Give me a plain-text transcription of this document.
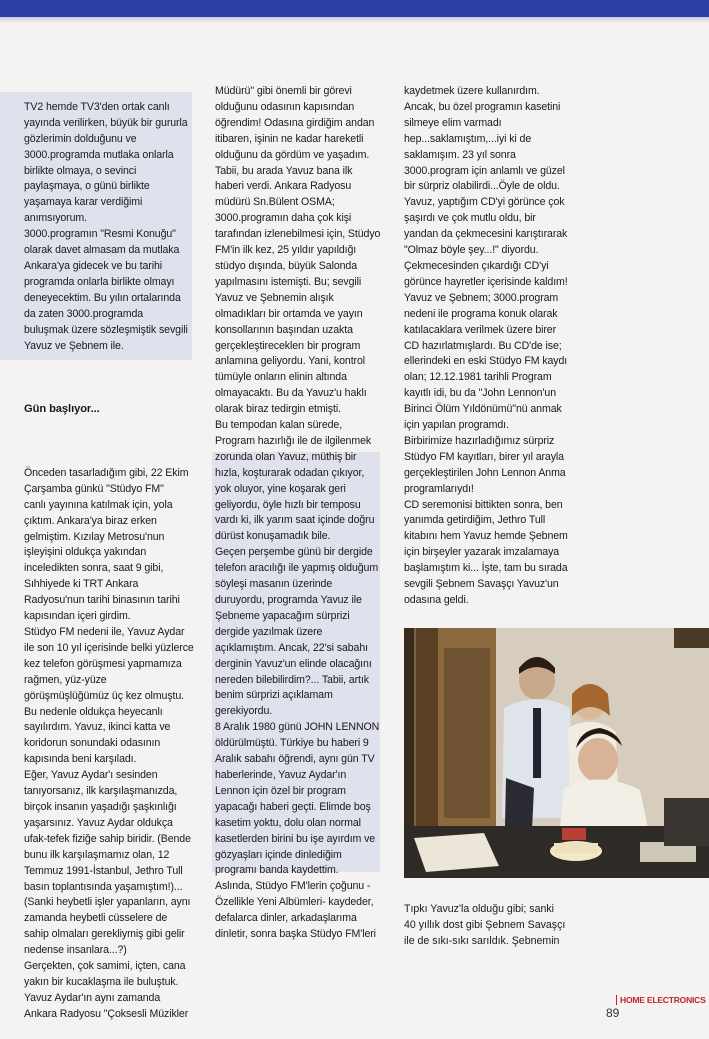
TV2 hemde TV3'den ortak canlı
yayında verilirken, büyük bir gururla
gözlerimin dolduğunu ve
3000.programda mutlaka onlarla
birlikte olmaya, o sevinci
paylaşmaya, o günü birlikte
yaşamaya karar verdiğimi
anımsıyorum.
3000.programın "Resmi Konuğu"
olarak davet almasam da mutlaka
Ankara'ya gidecek ve bu tarihi
programda onlarla birlikte olmayı
deneyecektim. Bu yılın ortalarında
da zaten 3000.programda
buluşmak üzere sözleşmiştik sevgili
Yavuz ve Şebnem ile.

Gün başlıyor...

Önceden tasarladığım gibi, 22 Ekim
Çarşamba günkü "Stüdyo FM"
canlı yayınına katılmak için, yola
çıktım. Ankara'ya biraz erken
gelmiştim. Kızılay Metrosu'nun
işleyişini oldukça yakından
inceledikten sonra, saat 9 gibi,
Sıhhiyede ki TRT Ankara
Radyosu'nun tarihi binasının tarihi
kapısından içeri girdim.
Stüdyo FM nedeni ile, Yavuz Aydar
ile son 10 yıl içerisinde belki yüzlerce
kez telefon görüşmesi yapmamıza
rağmen, yüz-yüze
görüşmüşlüğümüz üç kez olmuştu.
Bu nedenle oldukça heyecanlı
sayılırdım. Yavuz, ikinci katta ve
koridorun sonundaki odasının
kapısında beni karşıladı.
Eğer, Yavuz Aydar'ı sesinden
tanıyorsanız, ilk karşılaşmanızda,
birçok insanın yaşadığı şaşkınlığı
yaşarsınız. Yavuz Aydar oldukça
ufak-tefek fiziğe sahip biridir. (Bende
bunu ilk karşılaşmamız olan, 12
Temmuz 1991-İstanbul, Jethro Tull
basın toplantısında yaşamıştım!)...
(Sanki heybetli işler yapanların, aynı
zamanda heybetli cüsselere de
sahip olmaları gerekliymiş gibi gelir
nedense insanlara...?)
Gerçekten, çok samimi, içten, cana
yakın bir kucaklaşma ile buluştuk.
Yavuz Aydar'ın aynı zamanda
Ankara Radyosu "Çoksesli Müzikler

Müdürü" gibi önemli bir görevi
olduğunu odasının kapısından
öğrendim! Odasına girdiğim andan
itibaren, işinin ne kadar hareketli
olduğunu da gördüm ve yaşadım.
Tabii, bu arada Yavuz bana ilk
haberi verdi. Ankara Radyosu
müdürü Sn.Bülent OSMA;
3000.programın daha çok kişi
tarafından izlenebilmesi için, Stüdyo
FM'in ilk kez, 25 yıldır yapıldığı
stüdyo dışında, büyük Salonda
yapılmasını istemişti. Bu; sevgili
Yavuz ve Şebnemin alışık
olmadıkları bir ortamda ve yayın
konsollarının başından uzakta
gerçekleştireceklerı bir program
anlamına geliyordu. Yani, kontrol
tümüyle onların elinin altında
olmayacaktı. Bu da Yavuz'u haklı
olarak biraz tedirgin etmişti.
Bu tempodan kalan sürede,
Program hazırlığı ile de ilgilenmek
zorunda olan Yavuz, müthiş bir
hızla, koşturarak odadan çıkıyor,
yok oluyor, yine koşarak geri
geliyordu, öyle hızlı bir temposu
vardı ki, ilk yarım saat içinde doğru
dürüst konuşamadık bile.
Geçen perşembe günü bir dergide
telefon aracılığı ile yapmış olduğum
söyleşi masanın üzerinde
duruyordu, programda Yavuz ile
Şebneme yapacağım sürprizi
dergide yazılmak üzere
açıklamıştım. Ancak, 22'si sabahı
derginin Yavuz'un elinde olacağını
nereden bilebilirdim?... Tabii, artık
benim sürprizi açıklamam
gerekiyordu.
8 Aralık 1980 günü JOHN LENNON
öldürülmüştü. Türkiye bu haberi 9
Aralık sabahı öğrendi, aynı gün TV
haberlerinde, Yavuz Aydar'ın
Lennon için özel bir program
yapacağı haberi geçti. Elimde boş
kasetim yoktu, dolu olan normal
kasetlerden birini bu işe ayırdım ve
gözyaşları içinde dinlediğim
programı banda kaydettim.
Aslında, Stüdyo FM'lerin çoğunu -
Özellikle Yeni Albümleri- kaydeder,
defalarca dinler, arkadaşlarıma
dinletir, sonra başka Stüdyo FM'leri
kaydetmek üzere kullanırdım.
Ancak, bu özel programın kasetini
silmeye elim varmadı
hep...saklamıştım,...iyi ki de
saklamışım. 23 yıl sonra
3000.program için anlamlı ve güzel
bir sürpriz olabilirdi...Öyle de oldu.
Yavuz, yaptığım CD'yi görünce çok
şaşırdı ve çok mutlu oldu, bir
yandan da çekmecesini karıştırarak
"Olmaz böyle şey...!" diyordu.
Çekmecesinden çıkardığı CD'yi
görünce hayretler içerisinde kaldım!
Yavuz ve Şebnem; 3000.program
nedeni ile programa konuk olarak
katılacaklara verilmek üzere birer
CD hazırlatmışlardı. Bu CD'de ise;
ellerindeki en eski Stüdyo FM kaydı
olan; 12.12.1981 tarihli Program
kayıtlı idi, bu da "John Lennon'un
Birinci Ölüm Yıldönümü"nü anmak
için yapılan programdı.
Birbirimize hazırladığımız sürpriz
Stüdyo FM kayıtları, birer yıl arayla
gerçekleştirilen John Lennon Anma
programlarıydı!
CD seremonisi bittikten sonra, ben
yanımda getirdiğim, Jethro Tull
kitabını hem Yavuz hemde Şebnem
için birşeyler yazarak imzalamaya
başlamıştım ki... İşte, tam bu sırada
sevgili Şebnem Savaşçı Yavuz'un
odasına geldi.
Tıpkı Yavuz'la olduğu gibi; sanki
40 yıllık dost gibi Şebnem Savaşçı
ile de sıkı-sıkı sarıldık. Şebnemin
HOME ELECTRONICS
89
